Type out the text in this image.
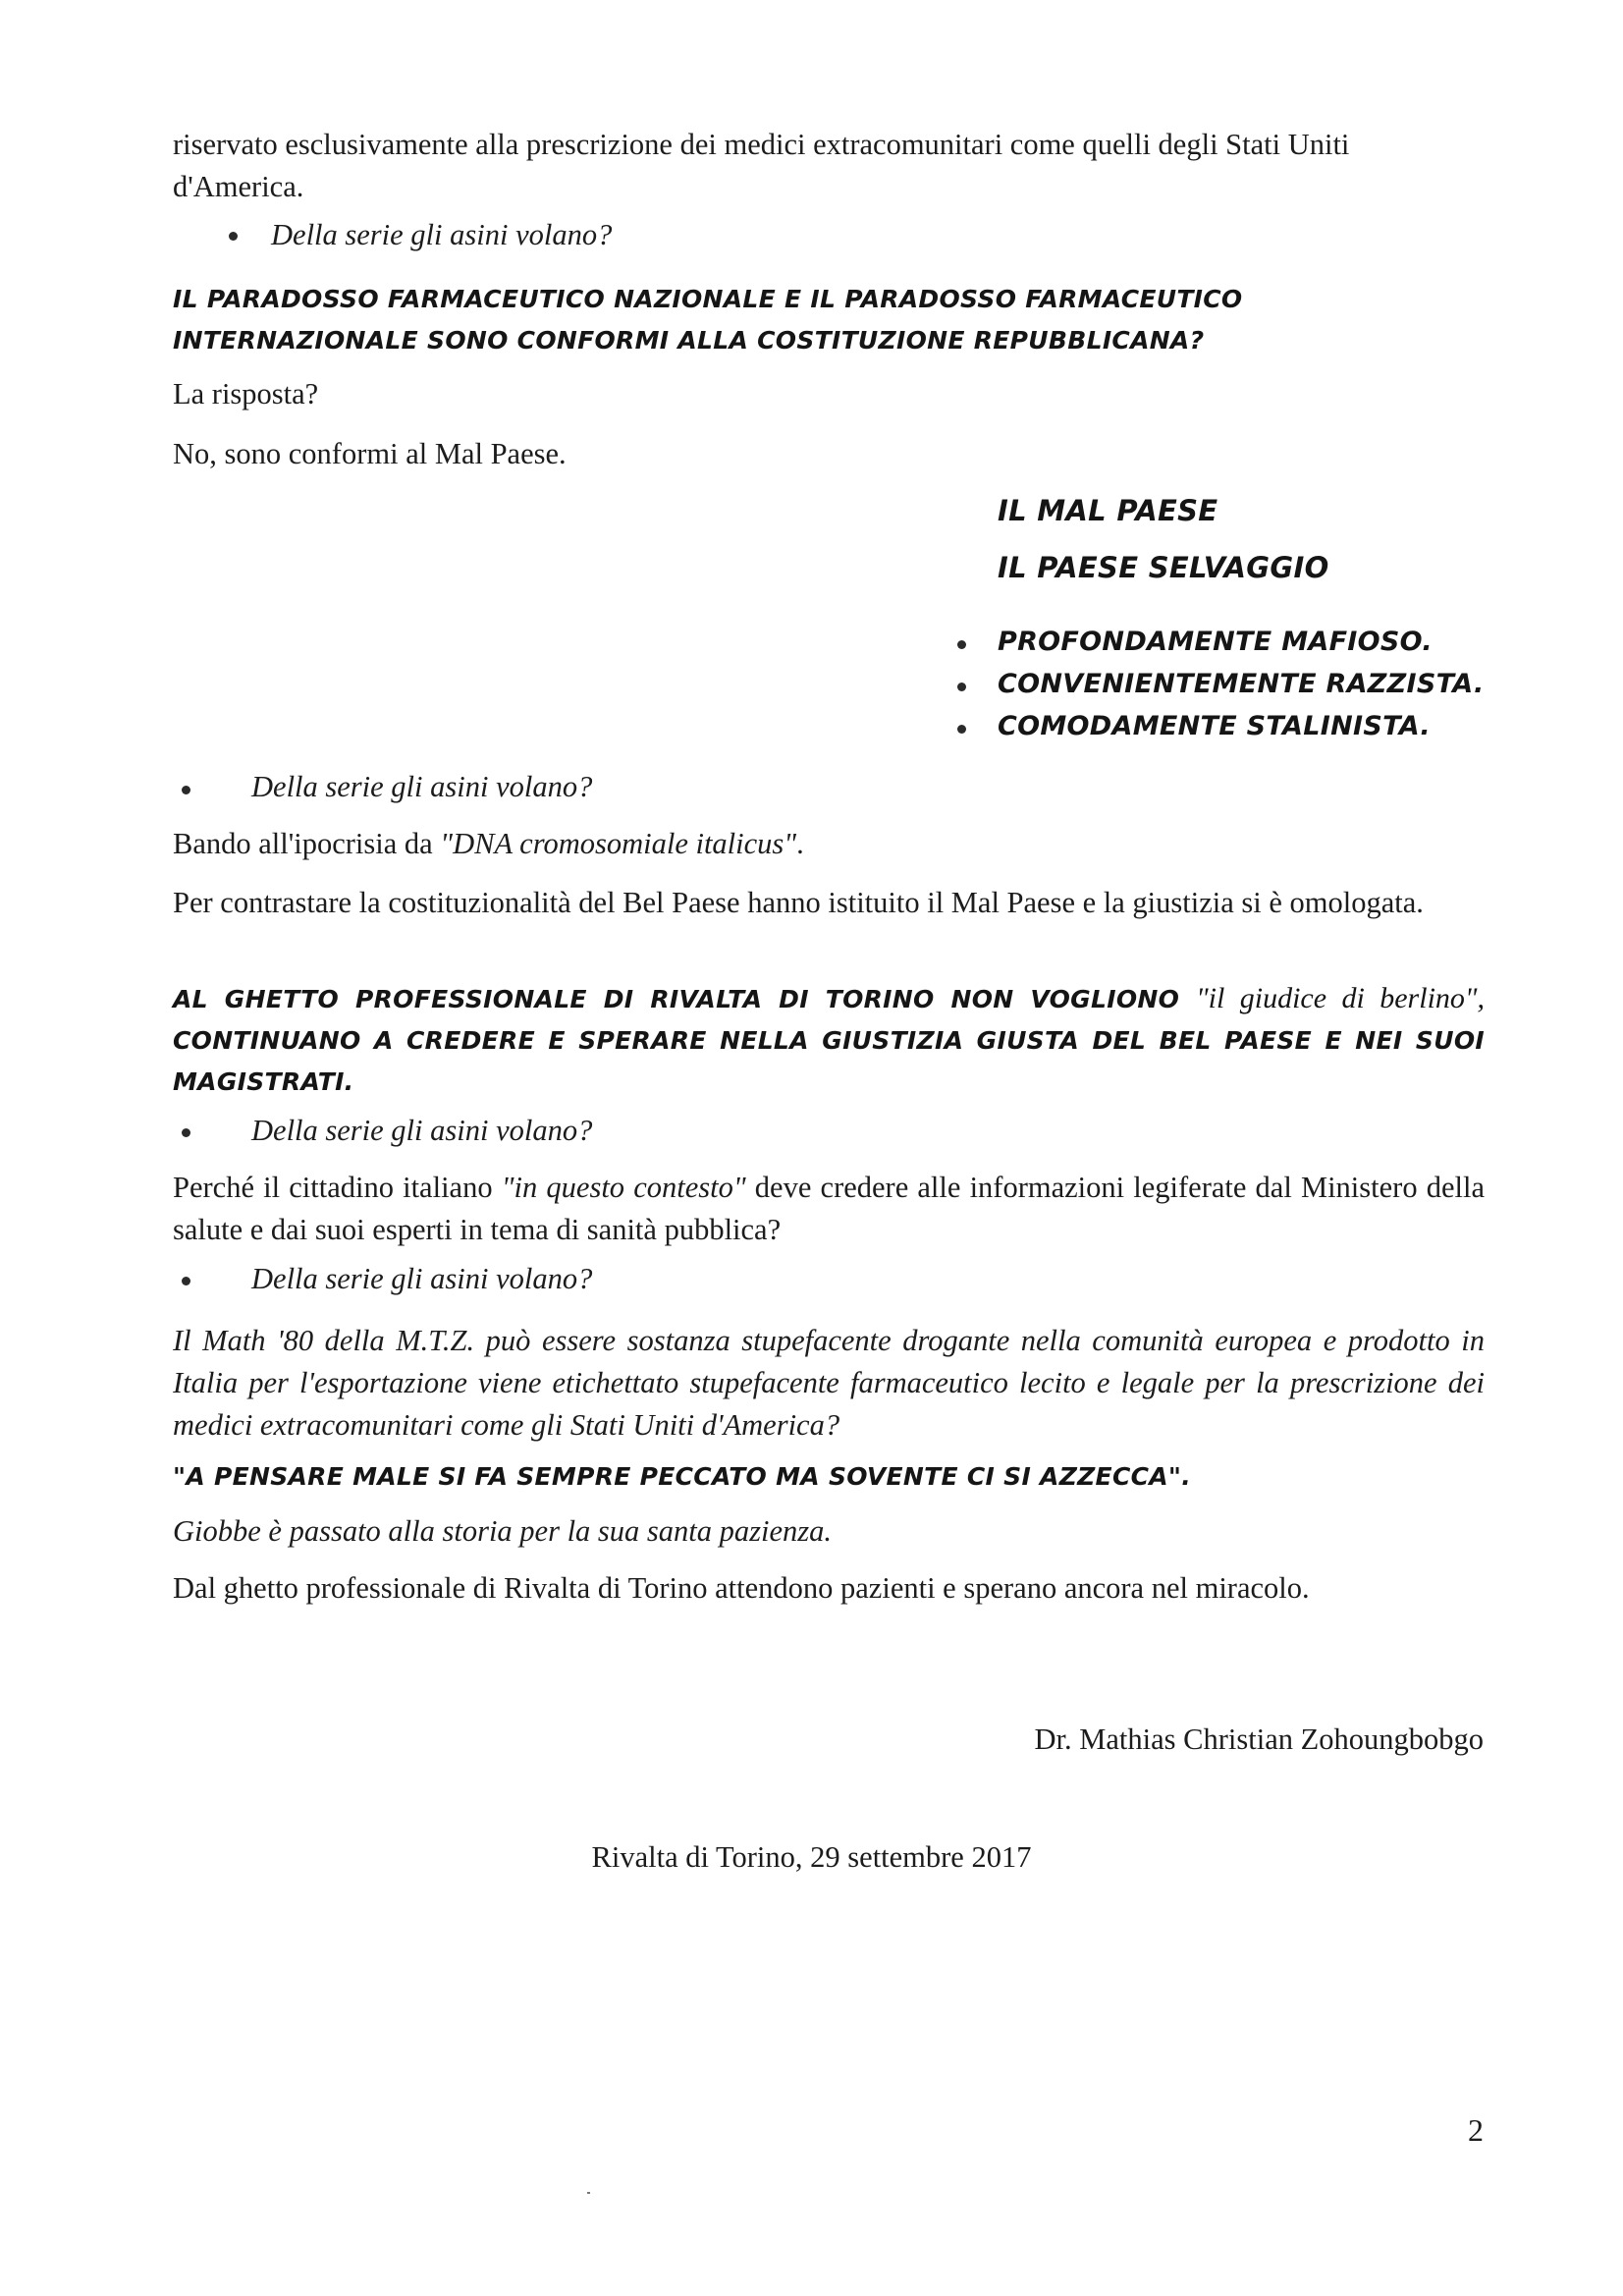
riservato esclusivamente alla prescrizione dei medici extracomunitari come quelli degli Stati Uniti d'America.

Della serie gli asini volano?

IL PARADOSSO FARMACEUTICO NAZIONALE E IL PARADOSSO FARMACEUTICO INTERNAZIONALE SONO CONFORMI ALLA COSTITUZIONE REPUBBLICANA?

La risposta?

No, sono conformi al Mal Paese.

IL MAL PAESE

IL PAESE SELVAGGIO

PROFONDAMENTE MAFIOSO.

CONVENIENTEMENTE RAZZISTA.

COMODAMENTE STALINISTA.

Della serie gli asini volano?

Bando all'ipocrisia da "DNA cromosomiale italicus".

Per contrastare la costituzionalità del Bel Paese hanno istituito il Mal Paese e la giustizia si è omologata.

AL GHETTO PROFESSIONALE DI RIVALTA DI TORINO NON VOGLIONO "il giudice di berlino", CONTINUANO A CREDERE E SPERARE NELLA GIUSTIZIA GIUSTA DEL BEL PAESE E NEI SUOI MAGISTRATI.

Della serie gli asini volano?

Perché il cittadino italiano "in questo contesto" deve credere alle informazioni legiferate dal Ministero della salute e dai suoi esperti in tema di sanità pubblica?

Della serie gli asini volano?

Il Math '80 della M.T.Z. può essere sostanza stupefacente drogante nella comunità europea e prodotto in Italia per l'esportazione viene etichettato stupefacente farmaceutico lecito e legale per la prescrizione dei medici extracomunitari come gli Stati Uniti d'America?

"A PENSARE MALE SI FA SEMPRE PECCATO MA SOVENTE CI SI AZZECCA".

Giobbe è passato alla storia per la sua santa pazienza.

Dal ghetto professionale di Rivalta di Torino attendono pazienti e sperano ancora nel miracolo.

Dr. Mathias Christian Zohoungbobgo

Rivalta di Torino, 29 settembre 2017

2
